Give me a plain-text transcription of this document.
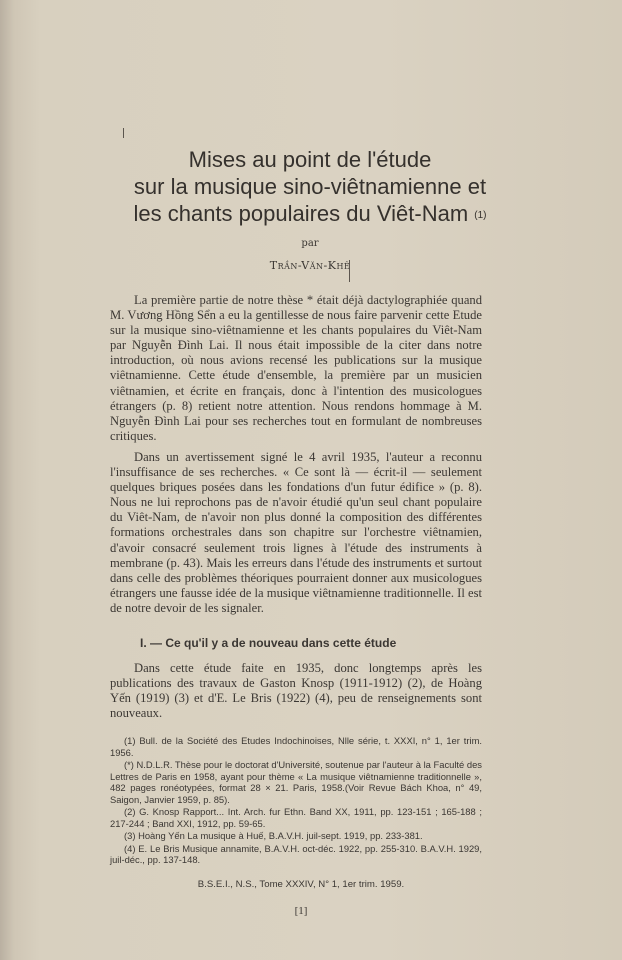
Mises au point de l'étude
sur la musique sino-viêtnamienne et
les chants populaires du Viêt-Nam $^{(1)}$
par
Trần-Văn-Khê

La première partie de notre thèse * était déjà dactylographiée quand M. Vương Hồng Sển a eu la gentillesse de nous faire parvenir cette Etude sur la musique sino-viêtnamienne et les chants populaires du Viêt-Nam par Nguyễn Đình Lai. Il nous était impossible de la citer dans notre introduction, où nous avions recensé les publications sur la musique viêtnamienne. Cette étude d'ensemble, la première par un musicien viêtnamien, et écrite en français, donc à l'intention des musicologues étrangers (p. 8) retient notre attention. Nous rendons hommage à M. Nguyễn Đình Lai pour ses recherches tout en formulant de nombreuses critiques.

Dans un avertissement signé le 4 avril 1935, l'auteur a reconnu l'insuffisance de ses recherches. « Ce sont là — écrit-il — seulement quelques briques posées dans les fondations d'un futur édifice » (p. 8). Nous ne lui reprochons pas de n'avoir étudié qu'un seul chant populaire du Viêt-Nam, de n'avoir non plus donné la composition des différentes formations orchestrales dans son chapitre sur l'orchestre viêtnamien, d'avoir consacré seulement trois lignes à l'étude des instruments à membrane (p. 43). Mais les erreurs dans l'étude des instruments et surtout dans celle des problèmes théoriques pourraient donner aux musicologues étrangers une fausse idée de la musique viêtnamienne traditionnelle. Il est de notre devoir de les signaler.

I. — Ce qu'il y a de nouveau dans cette étude

Dans cette étude faite en 1935, donc longtemps après les publications des travaux de Gaston Knosp (1911-1912) (2), de Hoàng Yến (1919) (3) et d'E. Le Bris (1922) (4), peu de renseignements sont nouveaux.

(1) Bull. de la Société des Etudes Indochinoises, Nlle série, t. XXXI, n° 1, 1er trim. 1956.

(*) N.D.L.R. Thèse pour le doctorat d'Université, soutenue par l'auteur à la Faculté des Lettres de Paris en 1958, ayant pour thème « La musique viêtnamienne traditionnelle », 482 pages ronéotypées, format 28 × 21. Paris, 1958.(Voir Revue Bách Khoa, n° 49, Saigon, Janvier 1959, p. 85).

(2) G. Knosp Rapport... Int. Arch. fur Ethn. Band XX, 1911, pp. 123-151 ; 165-188 ; 217-244 ; Band XXI, 1912, pp. 59-65.

(3) Hoàng Yến La musique à Huế, B.A.V.H. juil-sept. 1919, pp. 233-381.

(4) E. Le Bris Musique annamite, B.A.V.H. oct-déc. 1922, pp. 255-310. B.A.V.H. 1929, juil-déc., pp. 137-148.

B.S.E.I., N.S., Tome XXXIV, N° 1, 1er trim. 1959.
[1]
